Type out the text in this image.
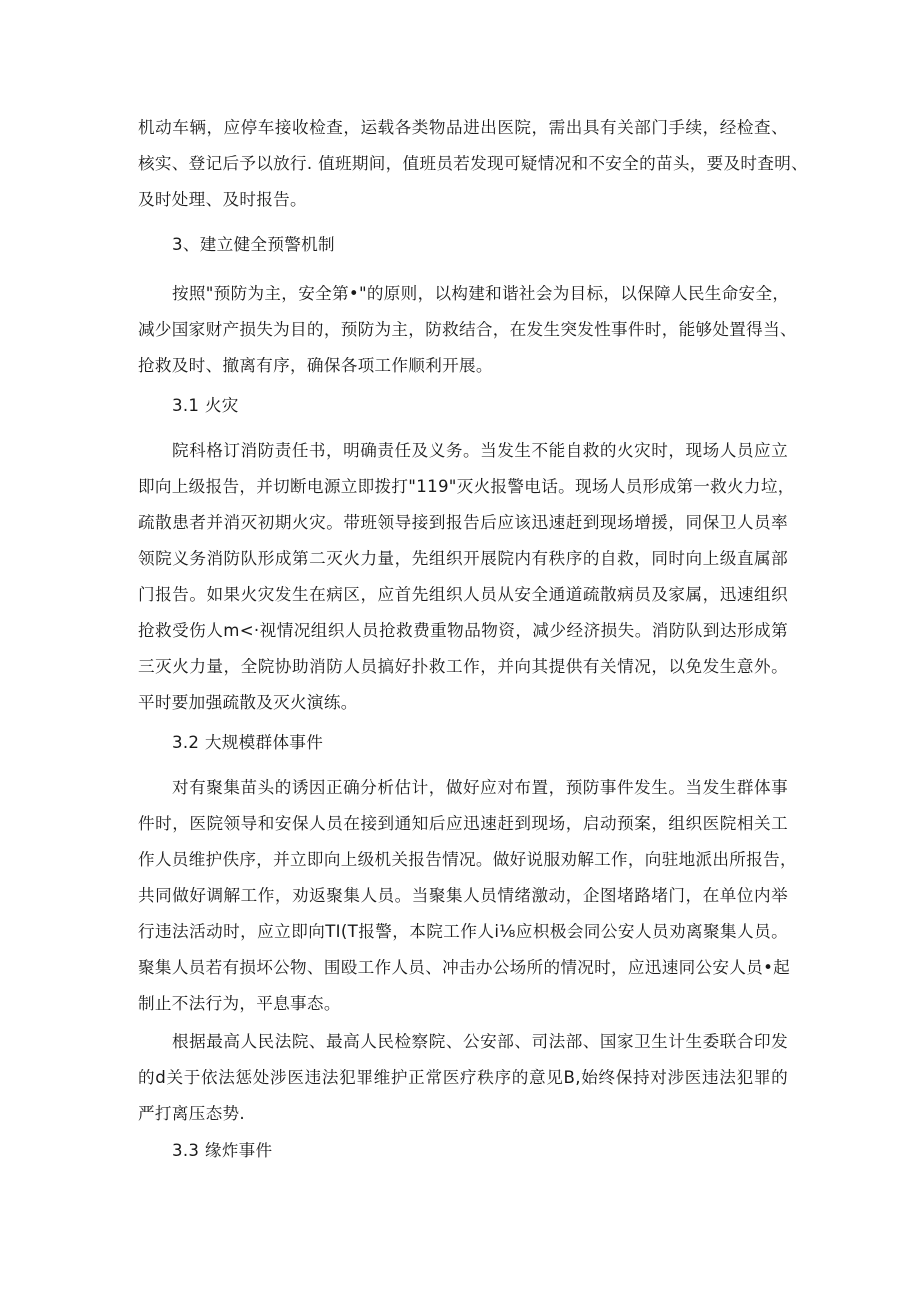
机动车辆，应停车接收检查，运载各类物品进出医院，需出具有关部门手续，经检查、
核实、登记后予以放行. 值班期间，值班员若发现可疑情况和不安全的苗头，要及时査明、
及时处理、及时报告。

3、建立健全预警机制

按照"预防为主，安全第•"的原则，以构建和谐社会为目标，以保障人民生命安全，
减少国家财产损失为目的，预防为主，防救结合，在发生突发性事件时，能够处置得当、
抢救及时、撤离有序，确保各项工作顺利开展。

3.1 火灾

院科格订消防责任书，明确责任及义务。当发生不能自救的火灾时，现场人员应立
即向上级报告，并切断电源立即拨打"119"灭火报警电话。现场人员形成第一救火力垃，
疏散患者并消灭初期火灾。带班领导接到报告后应该迅速赶到现场增援，同保卫人员率
领院义务消防队形成第二灭火力量，先组织开展院内有秩序的自救，同时向上级直属部
门报告。如果火灾发生在病区，应首先组织人员从安全通道疏散病员及家属，迅速组织
抢救受伤人m<·视情况组织人员抢救费重物品物资，减少经济损失。消防队到达形成第
三灭火力量，全院协助消防人员搞好扑救工作，并向其提供有关情况，以免发生意外。
平时要加强疏散及灭火演练。

3.2 大规模群体事件

对有聚集苗头的诱因正确分析估计，做好应对布置，预防事件发生。当发生群体事
件时，医院领导和安保人员在接到通知后应迅速赶到现场，启动预案，组织医院相关工
作人员维护佚序，并立即向上级机关报告情况。做好说服劝解工作，向驻地派出所报告，
共同做好调解工作，劝返聚集人员。当聚集人员情绪激动，企图堵路堵门，在单位内举
行违法活动时，应立即向TI(T报警，本院工作人i⅛应枳极会同公安人员劝离聚集人员。
聚集人员若有损坏公物、围殴工作人员、冲击办公场所的情况时，应迅速同公安人员•起
制止不法行为，平息事态。

根据最高人民法院、最高人民检察院、公安部、司法部、国家卫生计生委联合印发
的d关于依法惩处涉医违法犯罪维护正常医疗秩序的意见B,始终保持对涉医违法犯罪的
严打离压态势.

3.3 缘炸事件
